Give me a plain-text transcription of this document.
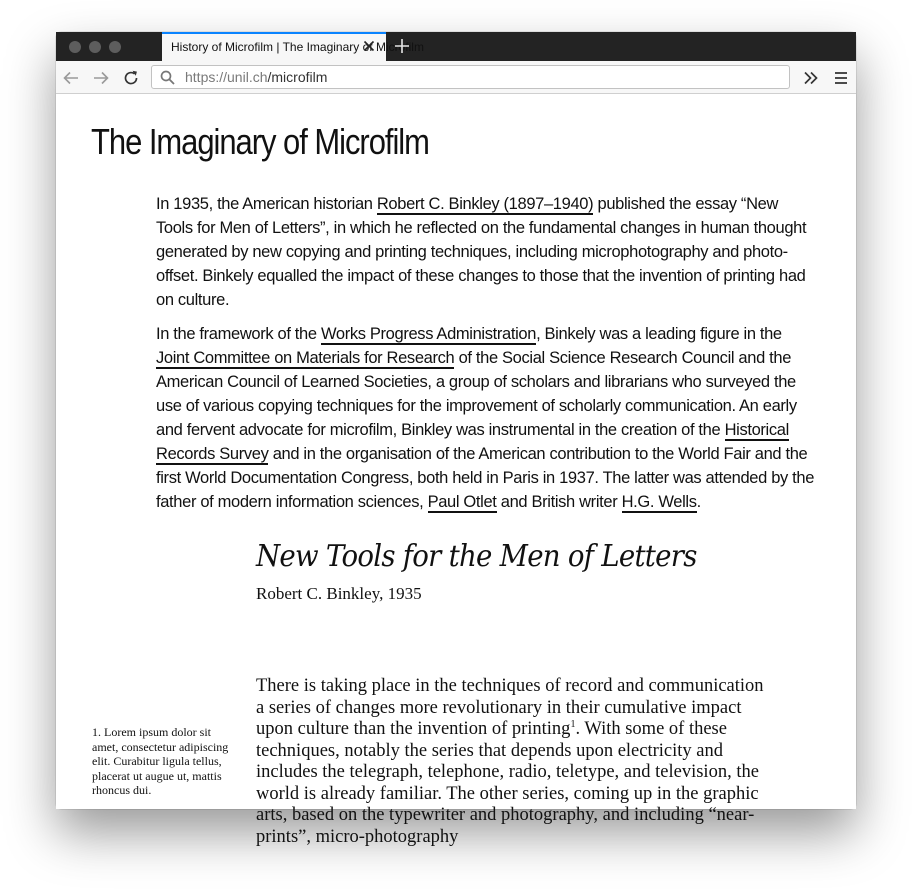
History of Microfilm | The Imaginary of Microfilm
https://unil.ch/microfilm
The Imaginary of Microfilm

In 1935, the American historian Robert C. Binkley (1897–1940) published the essay “New Tools for Men of Letters”, in which he reflected on the fundamental changes in human thought generated by new copying and printing techniques, including microphotography and photo-offset. Binkely equalled the impact of these changes to those that the invention of printing had on culture.

In the framework of the Works Progress Administration, Binkely was a leading figure in the Joint Committee on Materials for Research of the Social Science Research Council and the American Council of Learned Societies, a group of scholars and librarians who surveyed the use of various copying techniques for the improvement of scholarly communication. An early and fervent advocate for microfilm, Binkley was instrumental in the creation of the Historical Records Survey and in the organisation of the American contribution to the World Fair and the first World Documentation Congress, both held in Paris in 1937. The latter was attended by the father of modern information sciences, Paul Otlet and British writer H.G. Wells.

New Tools for the Men of Letters
Robert C. Binkley, 1935
There is taking place in the techniques of record and communication a series of changes more revolutionary in their cumulative impact upon culture than the invention of printing$^1$. With some of these techniques, notably the series that depends upon electricity and includes the telegraph, telephone, radio, teletype, and television, the world is already familiar. The other series, coming up in the graphic arts, based on the typewriter and photography, and including “near-prints”, micro-photography
1. Lorem ipsum dolor sit amet, consectetur adipiscing elit. Curabitur ligula tellus, placerat ut augue ut, mattis rhoncus dui.
